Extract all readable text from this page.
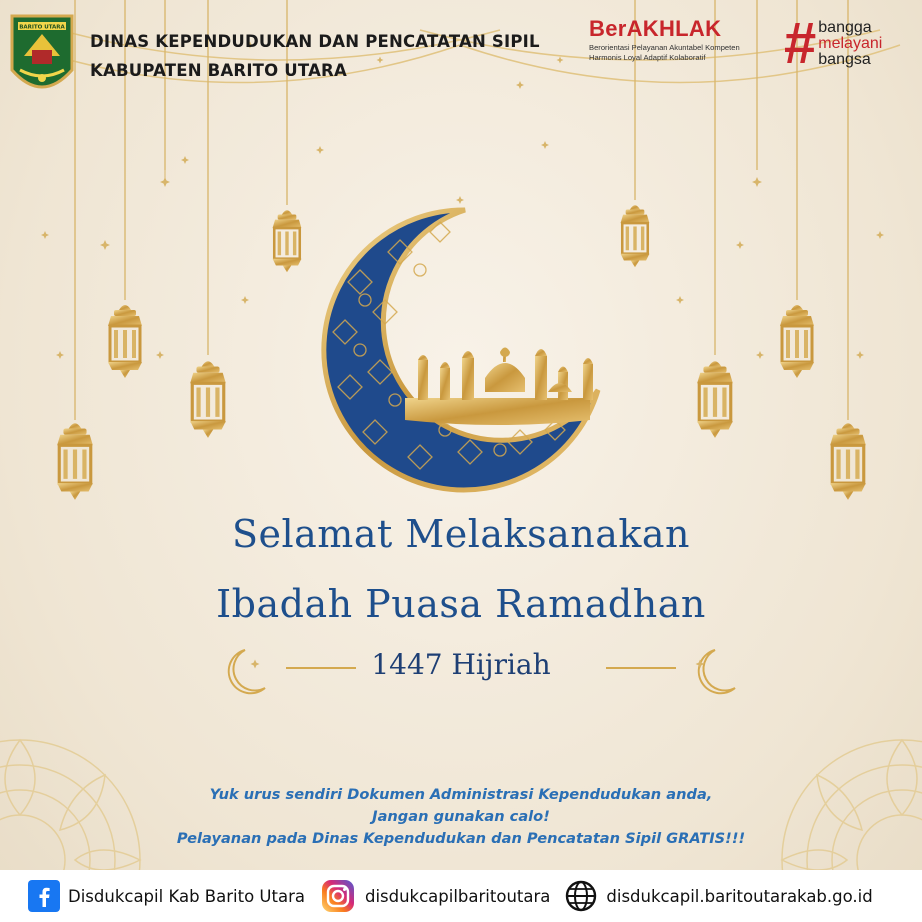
BARITO UTARA
DINAS KEPENDUDUKAN DAN PENCATATAN SIPIL
KABUPATEN BARITO UTARA
BerAKHLAK
Berorientasi Pelayanan Akuntabel Kompeten
Harmonis Loyal Adaptif Kolaboratif	# bangga
melayani
bangsa
Selamat Melaksanakan
Ibadah Puasa Ramadhan
1447 Hijriah
Yuk urus sendiri Dokumen Administrasi Kependudukan anda,
Jangan gunakan calo!
Pelayanan pada Dinas Kependudukan dan Pencatatan Sipil GRATIS!!!
Disdukcapil Kab Barito Utara	disdukcapilbaritoutara	disdukcapil.baritoutarakab.go.id
